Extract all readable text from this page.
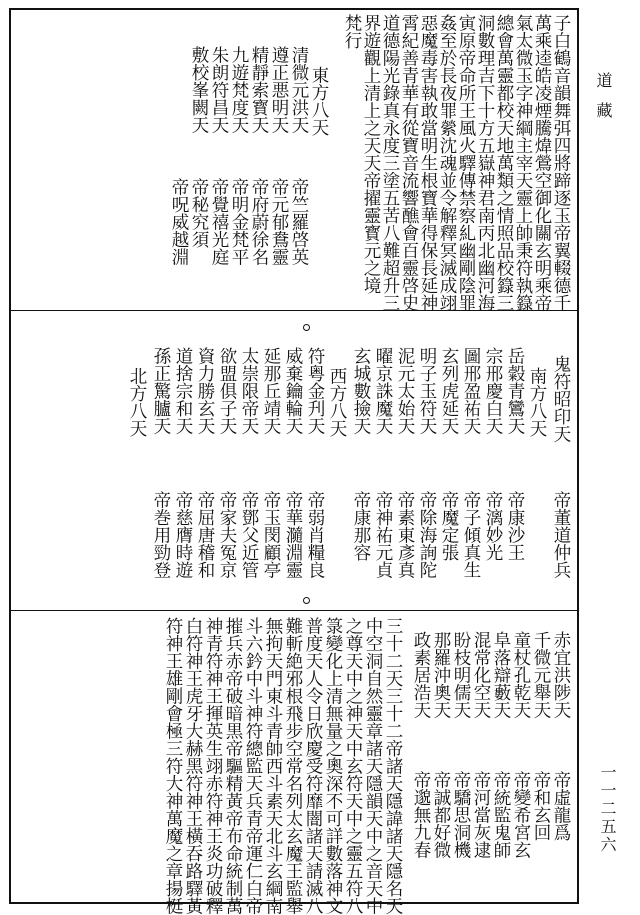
道藏
一一二五六
子白鶴音韻舞弭四將蹄逐玉帝翼輟德千
萬乘逵皓凌煙騰煒鶯空御化關玄明乘帝
氣太微玉字神綱主宰天靈上帥秉符執籙
總會萬靈都校天地萬類之情照品校籙三
洞數理吉下十方五嶽神君南丙北幽河海
寅原帝命所王風火驛傳禁察糺幽剛陰罪
姦至於長夜罪縈沈魂並令解釋冥滅成翊
惡魔毒害執敢當明生根寶華得保長延神
霄紀善青華有從寶音流響醮會百靈啓史
道德陽光錄真永度三塗五苦八難超升三
界遊觀上清上之天天帝擢靈寳元之境
梵行
東方八天
清微元洪天
遵正悪明天
精靜索寳天
九遊梵度天
朱朗符昌天
敷校峯闕天
帝竺羅啓英
帝元郁鴦靈
帝府蔚徐名
帝明金梵平
帝覺禧光庭
帝秘究須
帝呪威越淵
鬼符昭印天
南方八天
岳糓青鸞天
宗邢慶白天
圖邢盈祐天
玄列虎延天
明子玉符天
泥元太始天
曜京誅魔天
玄城數撿天
西方八天
符粤金刋天
威棄鑰輪天
延那丘靖天
太崇限帝天
欲盟俱子天
資力勝玄天
道捨宗和天
孫正驚臚天
北方八天
帝董道仲兵
帝康沙王
帝漓妙光
帝子傾真生
帝魔定張
帝除海詢陀
帝素東彥真
帝神祐元貞
帝康那容
帝弱肖糧良
帝華瀡淵靈
帝玉閔顧亭
帝鄧父近管
帝家夫冤京
帝屈唐稽和
帝慈膺時遊
帝巻用勁登
赤宜洪陟天
千微元舉天
童杖孔乾天
阜落辯藪天
混常化空天
盼枝明儒天
那羅沖奧天
政素居浩天
帝虛龍爲
帝和玄回
帝變希宮玄
帝統監鬼師
帝河當灰逮
帝驕思洞機
帝誠都好微
帝邈無九春
三十二天三十二帝諸天隱諱諸天隱名天
中空洞自然靈章諸天隱韻天中之音天中
之尊天中之神天中玄符天中之靈五符八
箓變化上清無量之奧深不可詳數落神文
普度天人令日欣慶受符靡闇諸天請滅八
難斬絶邪根飛步空常名列太玄魔王監舉
無拘天門東斗青帥西斗素天北斗玄綱南
斗六鈐中斗神符總監天兵青帝運仁白帝
摧兵赤帝破暗黒帝驅精黃帝布命統制萬
神青符神王揮英生翊赤符神王炎功破釋
白符神王虎牙大赫黑符神王橫吞路驛黃
符神王雄剛會極三符大神萬魔之章揚梃
